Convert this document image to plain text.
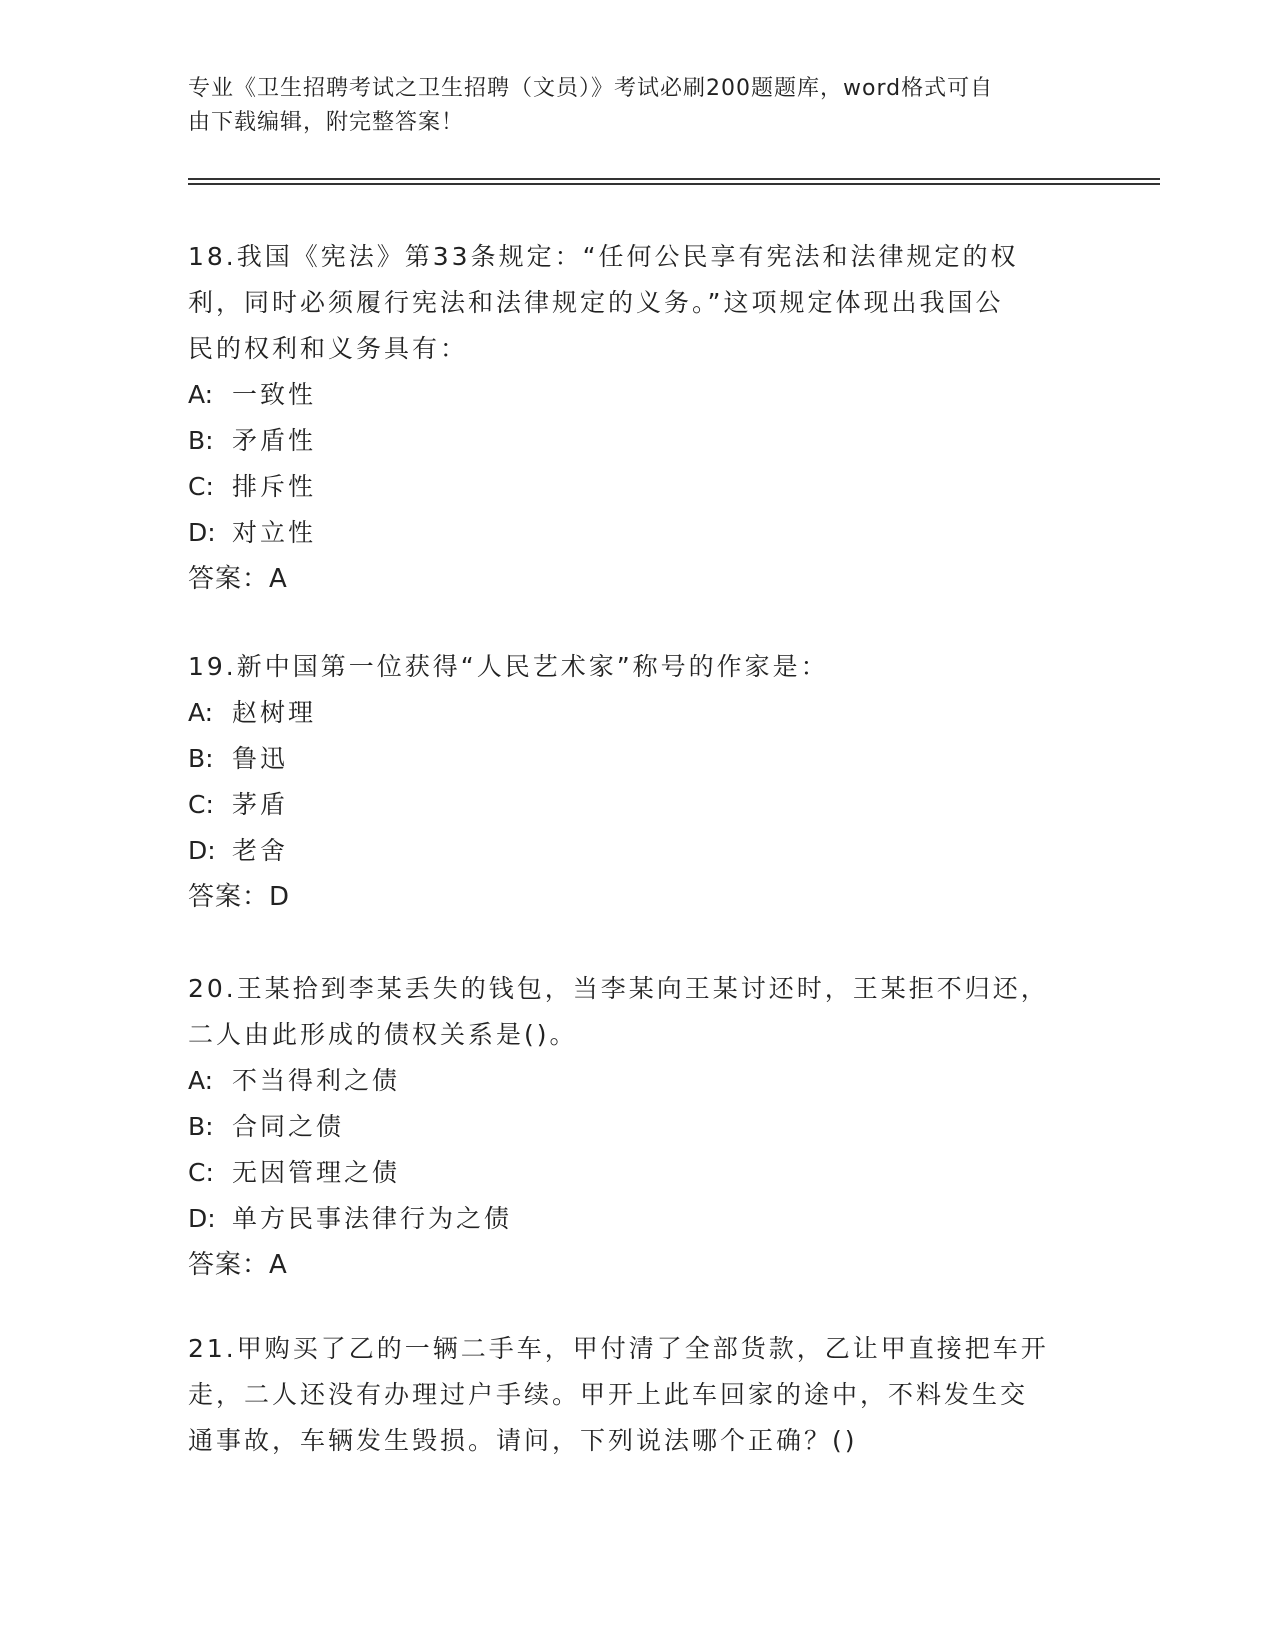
专业《卫生招聘考试之卫生招聘（文员）》考试必刷200题题库，word格式可自
由下载编辑，附完整答案！

18.我国《宪法》第33条规定：“任何公民享有宪法和法律规定的权

利，同时必须履行宪法和法律规定的义务。”这项规定体现出我国公

民的权利和义务具有：

A: 一致性

B: 矛盾性

C: 排斥性

D: 对立性

答案：A

19.新中国第一位获得“人民艺术家”称号的作家是：

A: 赵树理

B: 鲁迅

C: 茅盾

D: 老舍

答案：D

20.王某拾到李某丢失的钱包，当李某向王某讨还时，王某拒不归还，

二人由此形成的债权关系是()。

A: 不当得利之债

B: 合同之债

C: 无因管理之债

D: 单方民事法律行为之债

答案：A

21.甲购买了乙的一辆二手车，甲付清了全部货款，乙让甲直接把车开

走，二人还没有办理过户手续。甲开上此车回家的途中，不料发生交

通事故，车辆发生毁损。请问，下列说法哪个正确？()
